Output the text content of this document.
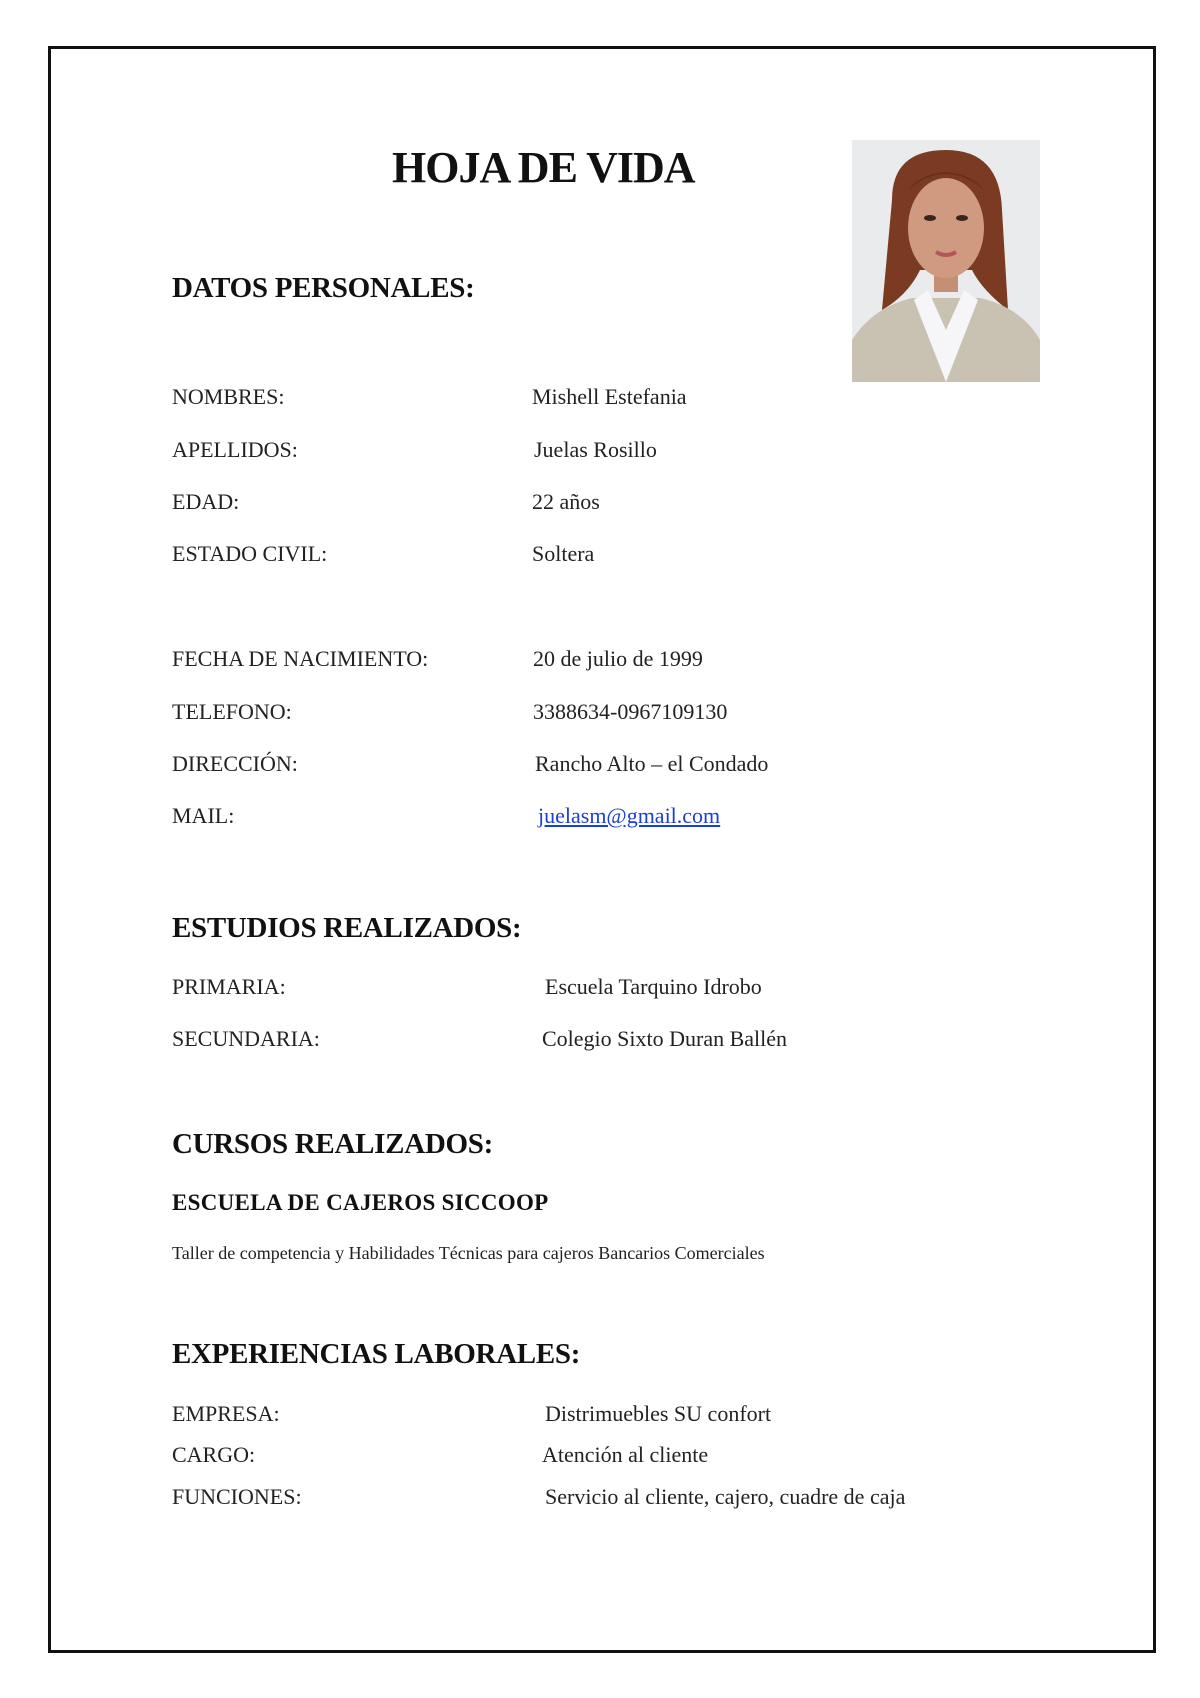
HOJA DE VIDA
DATOS PERSONALES:
NOMBRES:	Mishell Estefania
APELLIDOS:	Juelas Rosillo
EDAD:	22 años
ESTADO CIVIL:	Soltera
FECHA DE NACIMIENTO:	20 de julio de 1999
TELEFONO:	3388634-0967109130
DIRECCIÓN:	Rancho Alto – el Condado
MAIL:	juelasm@gmail.com
ESTUDIOS REALIZADOS:
PRIMARIA:	Escuela Tarquino Idrobo
SECUNDARIA:	Colegio Sixto Duran Ballén
CURSOS REALIZADOS:
ESCUELA DE CAJEROS SICCOOP
Taller de competencia y Habilidades Técnicas para cajeros Bancarios Comerciales
EXPERIENCIAS LABORALES:
EMPRESA:	Distrimuebles SU confort
CARGO:	Atención al cliente
FUNCIONES:	Servicio al cliente, cajero, cuadre de caja
